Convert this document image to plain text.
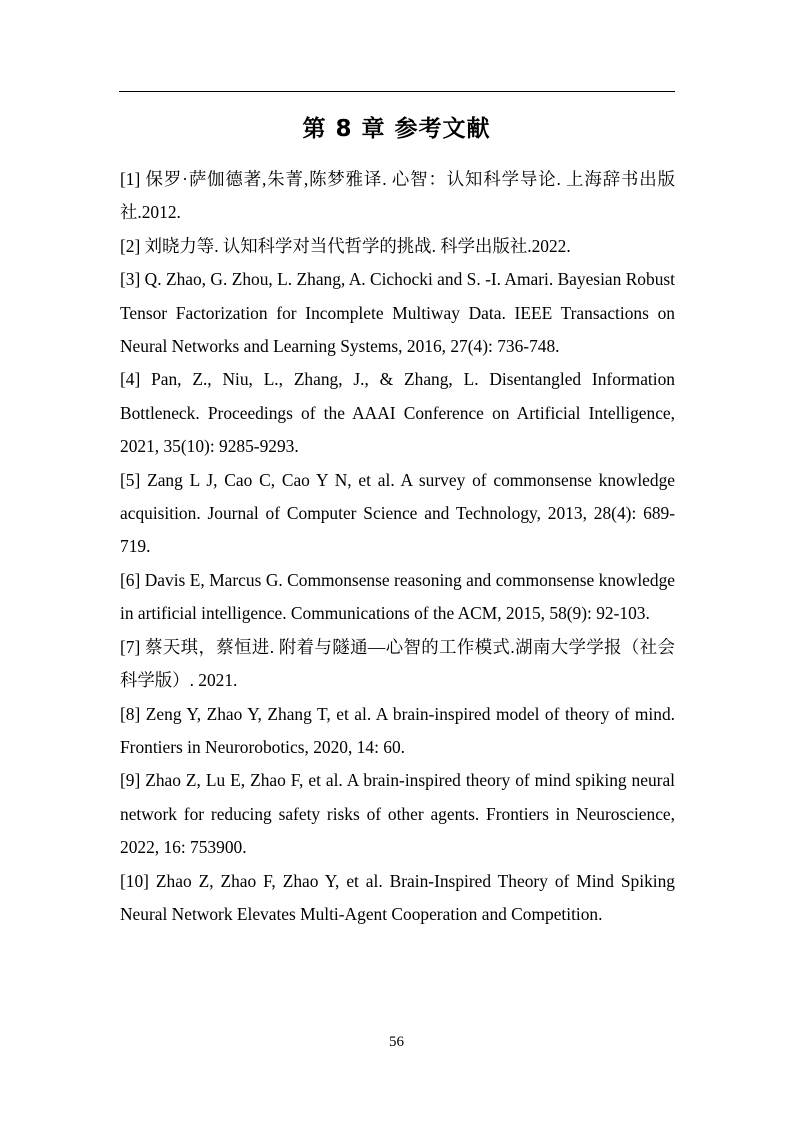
第 8 章 参考文献

[1] 保罗·萨伽德著,朱菁,陈梦雅译. 心智：认知科学导论. 上海辞书出版社.2012.

[2] 刘晓力等. 认知科学对当代哲学的挑战. 科学出版社.2022.

[3] Q. Zhao, G. Zhou, L. Zhang, A. Cichocki and S. -I. Amari. Bayesian Robust Tensor Factorization for Incomplete Multiway Data. IEEE Transactions on Neural Networks and Learning Systems, 2016, 27(4): 736-748.

[4] Pan, Z., Niu, L., Zhang, J., & Zhang, L. Disentangled Information Bottleneck. Proceedings of the AAAI Conference on Artificial Intelligence, 2021, 35(10): 9285-9293.

[5] Zang L J, Cao C, Cao Y N, et al. A survey of commonsense knowledge acquisition. Journal of Computer Science and Technology, 2013, 28(4): 689-719.

[6] Davis E, Marcus G. Commonsense reasoning and commonsense knowledge in artificial intelligence. Communications of the ACM, 2015, 58(9): 92-103.

[7] 蔡天琪，蔡恒进. 附着与隧通—心智的工作模式.湖南大学学报（社会科学版）. 2021.

[8] Zeng Y, Zhao Y, Zhang T, et al. A brain-inspired model of theory of mind. Frontiers in Neurorobotics, 2020, 14: 60.

[9] Zhao Z, Lu E, Zhao F, et al. A brain-inspired theory of mind spiking neural network for reducing safety risks of other agents. Frontiers in Neuroscience, 2022, 16: 753900.

[10] Zhao Z, Zhao F, Zhao Y, et al. Brain-Inspired Theory of Mind Spiking Neural Network Elevates Multi-Agent Cooperation and Competition.

56
